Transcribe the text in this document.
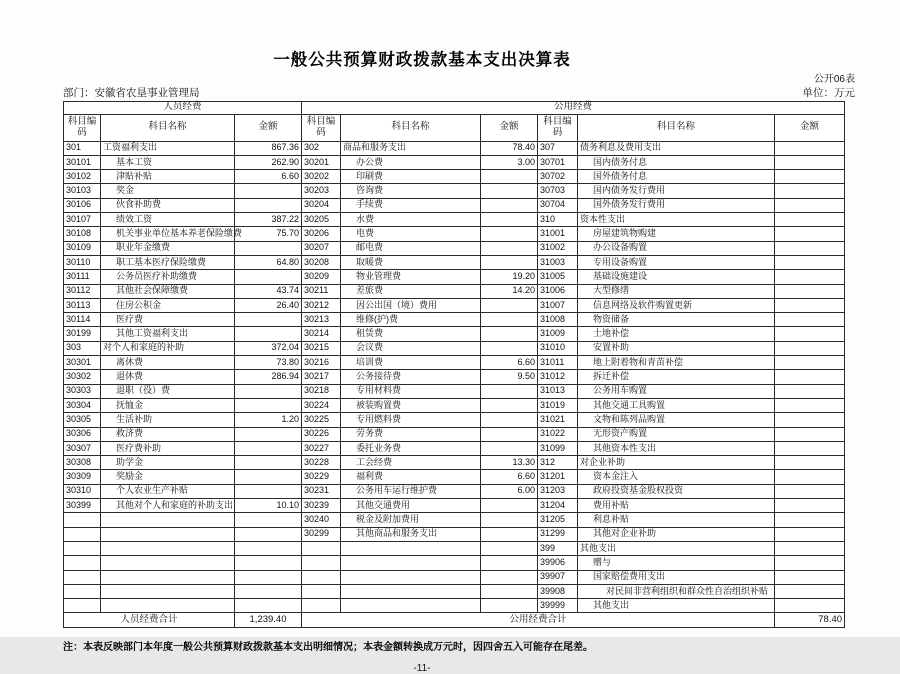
一般公共预算财政拨款基本支出决算表
公开06表
部门：安徽省农垦事业管理局	单位：万元
人员经费			公用经费					
科目编码	科目名称	金额	科目编码	科目名称	金额	科目编码	科目名称	金额
301	工资福利支出	867.36	302	商品和服务支出	78.40	307	债务利息及费用支出	
30101	基本工资	262.90	30201	办公费	3.00	30701	国内债务付息	
30102	津贴补贴	6.60	30202	印刷费		30702	国外债务付息	
30103	奖金		30203	咨询费		30703	国内债务发行费用	
30106	伙食补助费		30204	手续费		30704	国外债务发行费用	
30107	绩效工资	387.22	30205	水费		310	资本性支出	
30108	机关事业单位基本养老保险缴费	75.70	30206	电费		31001	房屋建筑物购建	
30109	职业年金缴费		30207	邮电费		31002	办公设备购置	
30110	职工基本医疗保险缴费	64.80	30208	取暖费		31003	专用设备购置	
30111	公务员医疗补助缴费		30209	物业管理费	19.20	31005	基础设施建设	
30112	其他社会保障缴费	43.74	30211	差旅费	14.20	31006	大型修缮	
30113	住房公积金	26.40	30212	因公出国（境）费用		31007	信息网络及软件购置更新	
30114	医疗费		30213	维修(护)费		31008	物资储备	
30199	其他工资福利支出		30214	租赁费		31009	土地补偿	
303	对个人和家庭的补助	372.04	30215	会议费		31010	安置补助	
30301	离休费	73.80	30216	培训费	6.60	31011	地上附着物和青苗补偿	
30302	退休费	286.94	30217	公务接待费	9.50	31012	拆迁补偿	
30303	退职（役）费		30218	专用材料费		31013	公务用车购置	
30304	抚恤金		30224	被装购置费		31019	其他交通工具购置	
30305	生活补助	1.20	30225	专用燃料费		31021	文物和陈列品购置	
30306	救济费		30226	劳务费		31022	无形资产购置	
30307	医疗费补助		30227	委托业务费		31099	其他资本性支出	
30308	助学金		30228	工会经费	13.30	312	对企业补助	
30309	奖励金		30229	福利费	6.60	31201	资本金注入	
30310	个人农业生产补贴		30231	公务用车运行维护费	6.00	31203	政府投资基金股权投资	
30399	其他对个人和家庭的补助支出	10.10	30239	其他交通费用		31204	费用补贴	
			30240	税金及附加费用		31205	利息补贴	
			30299	其他商品和服务支出		31299	其他对企业补助	
						399	其他支出	
						39906	赠与	
						39907	国家赔偿费用支出	
						39908	对民间非营利组织和群众性自治组织补贴	
						39999	其他支出	
人员经费合计		1,239.40	公用经费合计					78.40
注：本表反映部门本年度一般公共预算财政拨款基本支出明细情况；本表金额转换成万元时，因四舍五入可能存在尾差。
-11-
